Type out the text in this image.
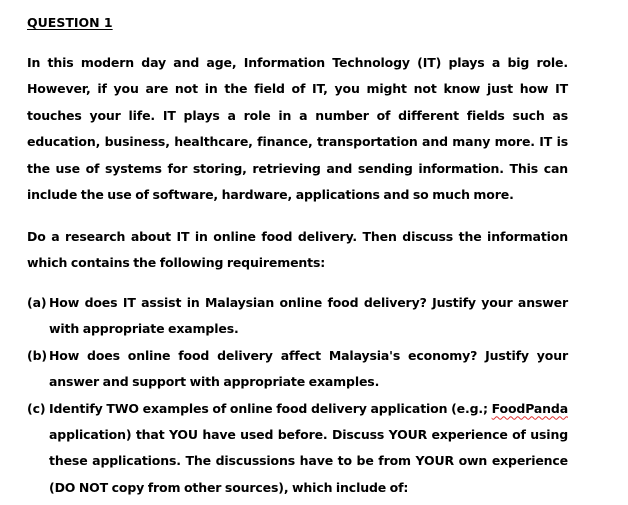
QUESTION 1

In this modern day and age, Information Technology (IT) plays a big role. However, if you are not in the field of IT, you might not know just how IT touches your life. IT plays a role in a number of different fields such as education, business, healthcare, finance, transportation and many more. IT is the use of systems for storing, retrieving and sending information. This can include the use of software, hardware, applications and so much more.

Do a research about IT in online food delivery. Then discuss the information which contains the following requirements:

(a) How does IT assist in Malaysian online food delivery? Justify your answer with appropriate examples.
(b) How does online food delivery affect Malaysia's economy? Justify your answer and support with appropriate examples.
(c) Identify TWO examples of online food delivery application (e.g.; FoodPanda application) that YOU have used before. Discuss YOUR experience of using these applications. The discussions have to be from YOUR own experience (DO NOT copy from other sources), which include of:
